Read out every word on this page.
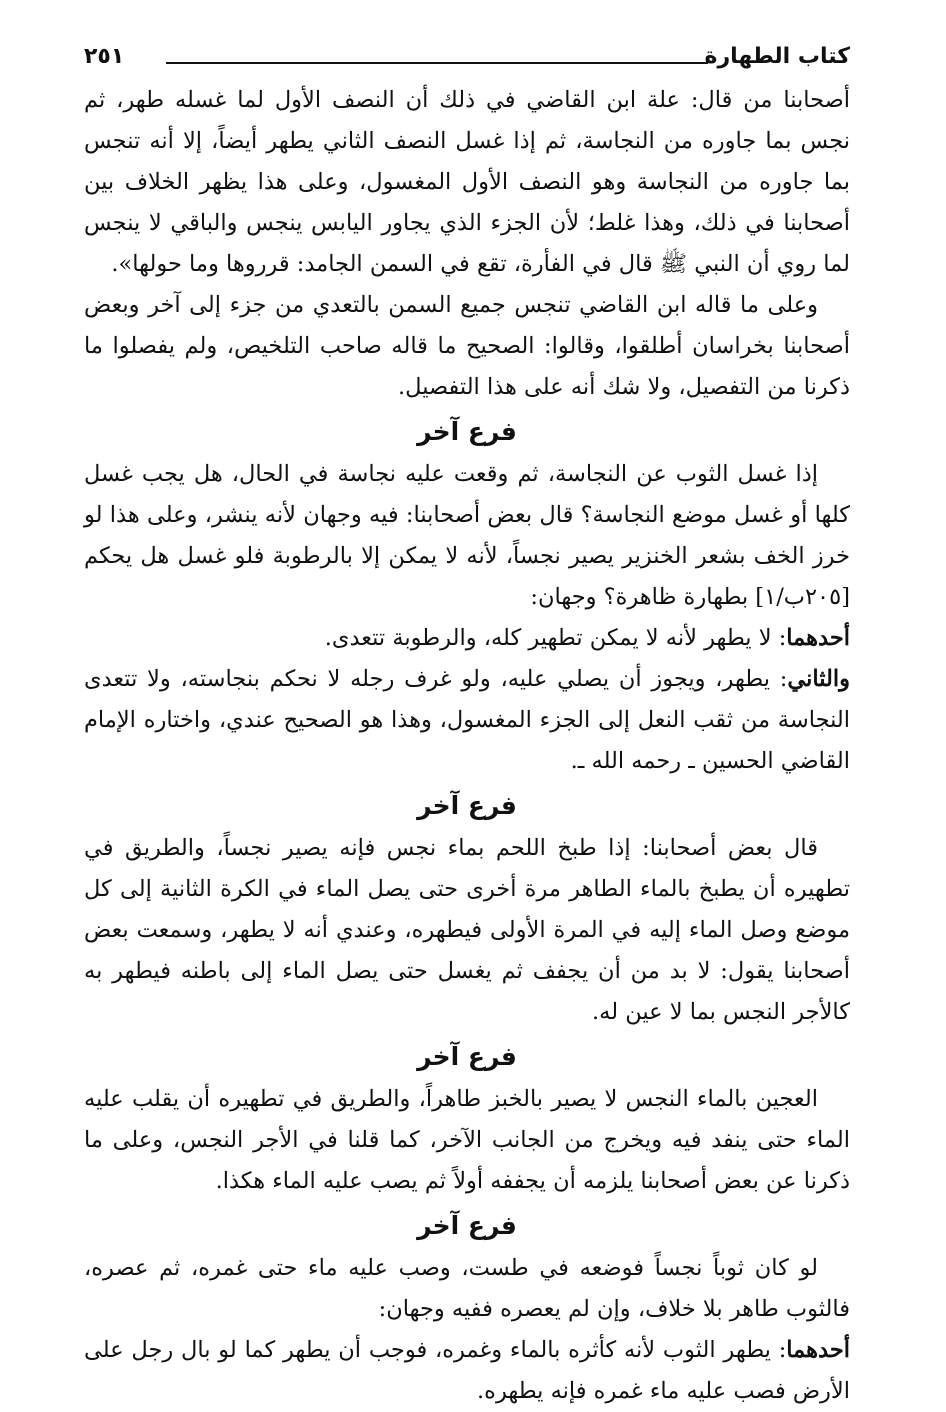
كتاب الطهارة
٢٥١

أصحابنا من قال: علة ابن القاضي في ذلك أن النصف الأول لما غسله طهر، ثم نجس بما جاوره من النجاسة، ثم إذا غسل النصف الثاني يطهر أيضاً، إلا أنه تنجس بما جاوره من النجاسة وهو النصف الأول المغسول، وعلى هذا يظهر الخلاف بين أصحابنا في ذلك، وهذا غلط؛ لأن الجزء الذي يجاور اليابس ينجس والباقي لا ينجس لما روي أن النبي ﷺ قال في الفأرة، تقع في السمن الجامد: قرروها وما حولها».

وعلى ما قاله ابن القاضي تنجس جميع السمن بالتعدي من جزء إلى آخر وبعض أصحابنا بخراسان أطلقوا، وقالوا: الصحيح ما قاله صاحب التلخيص، ولم يفصلوا ما ذكرنا من التفصيل، ولا شك أنه على هذا التفصيل.

فرع آخر

إذا غسل الثوب عن النجاسة، ثم وقعت عليه نجاسة في الحال، هل يجب غسل كلها أو غسل موضع النجاسة؟ قال بعض أصحابنا: فيه وجهان لأنه ينشر، وعلى هذا لو خرز الخف بشعر الخنزير يصير نجساً، لأنه لا يمكن إلا بالرطوبة فلو غسل هل يحكم [٢٠٥ب/١] بطهارة ظاهرة؟ وجهان:

أحدهما: لا يطهر لأنه لا يمكن تطهير كله، والرطوبة تتعدى.

والثاني: يطهر، ويجوز أن يصلي عليه، ولو غرف رجله لا نحكم بنجاسته، ولا تتعدى النجاسة من ثقب النعل إلى الجزء المغسول، وهذا هو الصحيح عندي، واختاره الإمام القاضي الحسين ـ رحمه الله ـ.

فرع آخر

قال بعض أصحابنا: إذا طبخ اللحم بماء نجس فإنه يصير نجساً، والطريق في تطهيره أن يطبخ بالماء الطاهر مرة أخرى حتى يصل الماء في الكرة الثانية إلى كل موضع وصل الماء إليه في المرة الأولى فيطهره، وعندي أنه لا يطهر، وسمعت بعض أصحابنا يقول: لا بد من أن يجفف ثم يغسل حتى يصل الماء إلى باطنه فيطهر به كالأجر النجس بما لا عين له.

فرع آخر

العجين بالماء النجس لا يصير بالخبز طاهراً، والطريق في تطهيره أن يقلب عليه الماء حتى ينفد فيه ويخرج من الجانب الآخر، كما قلنا في الأجر النجس، وعلى ما ذكرنا عن بعض أصحابنا يلزمه أن يجففه أولاً ثم يصب عليه الماء هكذا.

فرع آخر

لو كان ثوباً نجساً فوضعه في طست، وصب عليه ماء حتى غمره، ثم عصره، فالثوب طاهر بلا خلاف، وإن لم يعصره ففيه وجهان:

أحدهما: يطهر الثوب لأنه كأثره بالماء وغمره، فوجب أن يطهر كما لو بال رجل على الأرض فصب عليه ماء غمره فإنه يطهره.
